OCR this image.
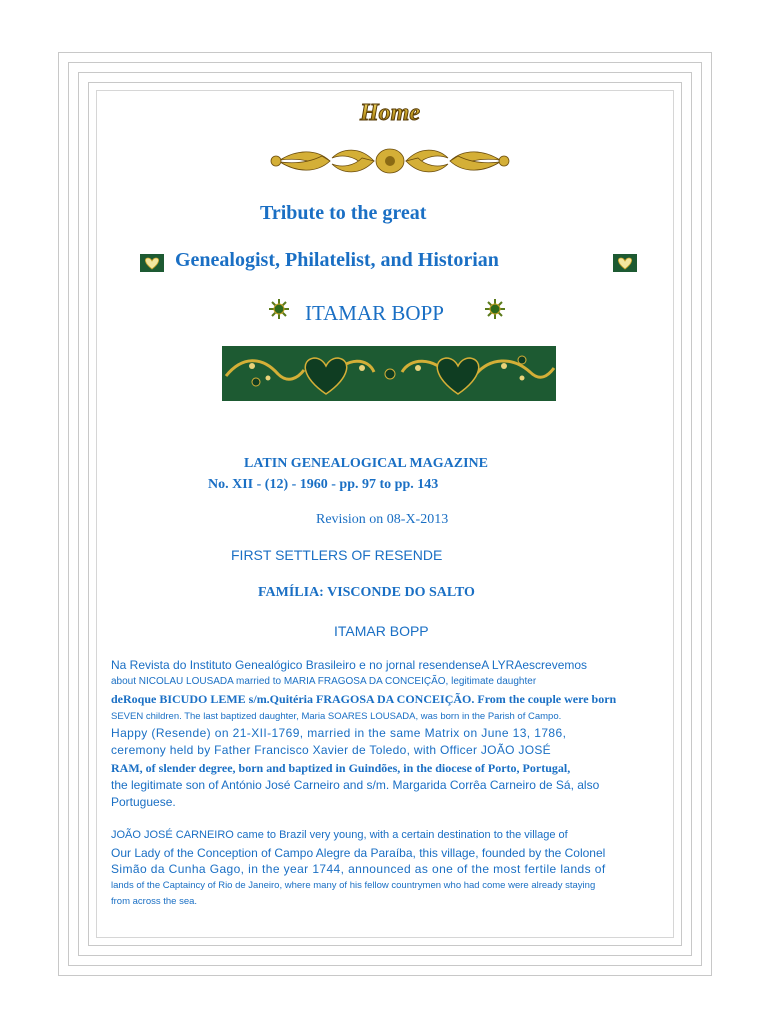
Home
Tribute to the great
Genealogist, Philatelist, and Historian
ITAMAR BOPP
LATIN GENEALOGICAL MAGAZINE
No. XII - (12) - 1960 - pp. 97 to pp. 143
Revision on 08-X-2013
FIRST SETTLERS OF RESENDE
FAMÍLIA: VISCONDE DO SALTO
ITAMAR BOPP
Na Revista do Instituto Genealógico Brasileiro e no jornal resendenseA LYRAescrevemos
about NICOLAU LOUSADA married to MARIA FRAGOSA DA CONCEIÇÃO, legitimate daughter
deRoque BICUDO LEME s/m.Quitéria FRAGOSA DA CONCEIÇÃO. From the couple were born
SEVEN children. The last baptized daughter, Maria SOARES LOUSADA, was born in the Parish of Campo.
Happy (Resende) on 21-XII-1769, married in the same Matrix on June 13, 1786,
ceremony held by Father Francisco Xavier de Toledo, with Officer JOÃO JOSÉ
RAM, of slender degree, born and baptized in Guindões, in the diocese of Porto, Portugal,
the legitimate son of António José Carneiro and s/m. Margarida Corrêa Carneiro de Sá, also
Portuguese.
JOÃO JOSÉ CARNEIRO came to Brazil very young, with a certain destination to the village of
Our Lady of the Conception of Campo Alegre da Paraíba, this village, founded by the Colonel
Simão da Cunha Gago, in the year 1744, announced as one of the most fertile lands of
lands of the Captaincy of Rio de Janeiro, where many of his fellow countrymen who had come were already staying
from across the sea.
